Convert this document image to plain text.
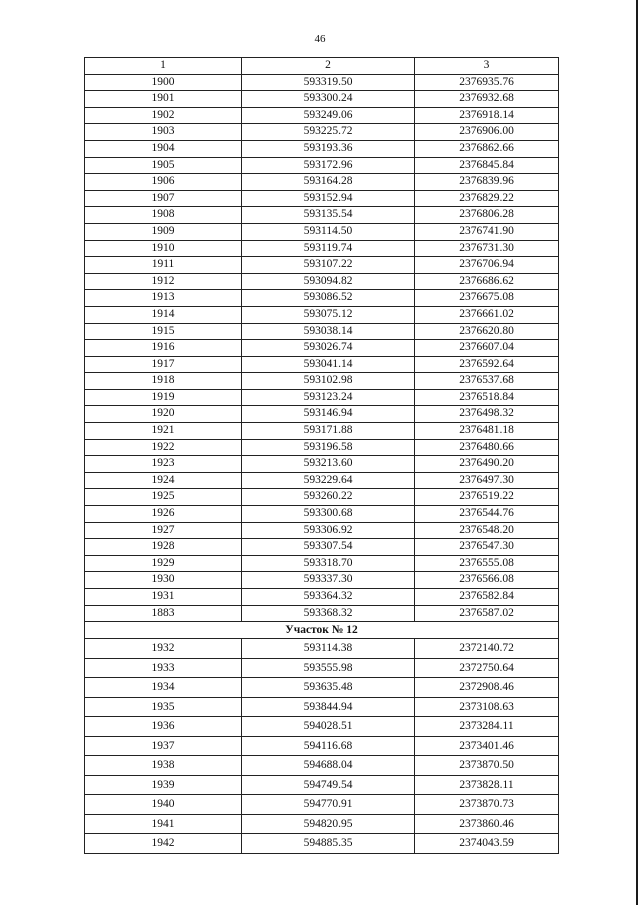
46
1	2	3
1900	593319.50	2376935.76
1901	593300.24	2376932.68
1902	593249.06	2376918.14
1903	593225.72	2376906.00
1904	593193.36	2376862.66
1905	593172.96	2376845.84
1906	593164.28	2376839.96
1907	593152.94	2376829.22
1908	593135.54	2376806.28
1909	593114.50	2376741.90
1910	593119.74	2376731.30
1911	593107.22	2376706.94
1912	593094.82	2376686.62
1913	593086.52	2376675.08
1914	593075.12	2376661.02
1915	593038.14	2376620.80
1916	593026.74	2376607.04
1917	593041.14	2376592.64
1918	593102.98	2376537.68
1919	593123.24	2376518.84
1920	593146.94	2376498.32
1921	593171.88	2376481.18
1922	593196.58	2376480.66
1923	593213.60	2376490.20
1924	593229.64	2376497.30
1925	593260.22	2376519.22
1926	593300.68	2376544.76
1927	593306.92	2376548.20
1928	593307.54	2376547.30
1929	593318.70	2376555.08
1930	593337.30	2376566.08
1931	593364.32	2376582.84
1883	593368.32	2376587.02
Участок № 12		
1932	593114.38	2372140.72
1933	593555.98	2372750.64
1934	593635.48	2372908.46
1935	593844.94	2373108.63
1936	594028.51	2373284.11
1937	594116.68	2373401.46
1938	594688.04	2373870.50
1939	594749.54	2373828.11
1940	594770.91	2373870.73
1941	594820.95	2373860.46
1942	594885.35	2374043.59
